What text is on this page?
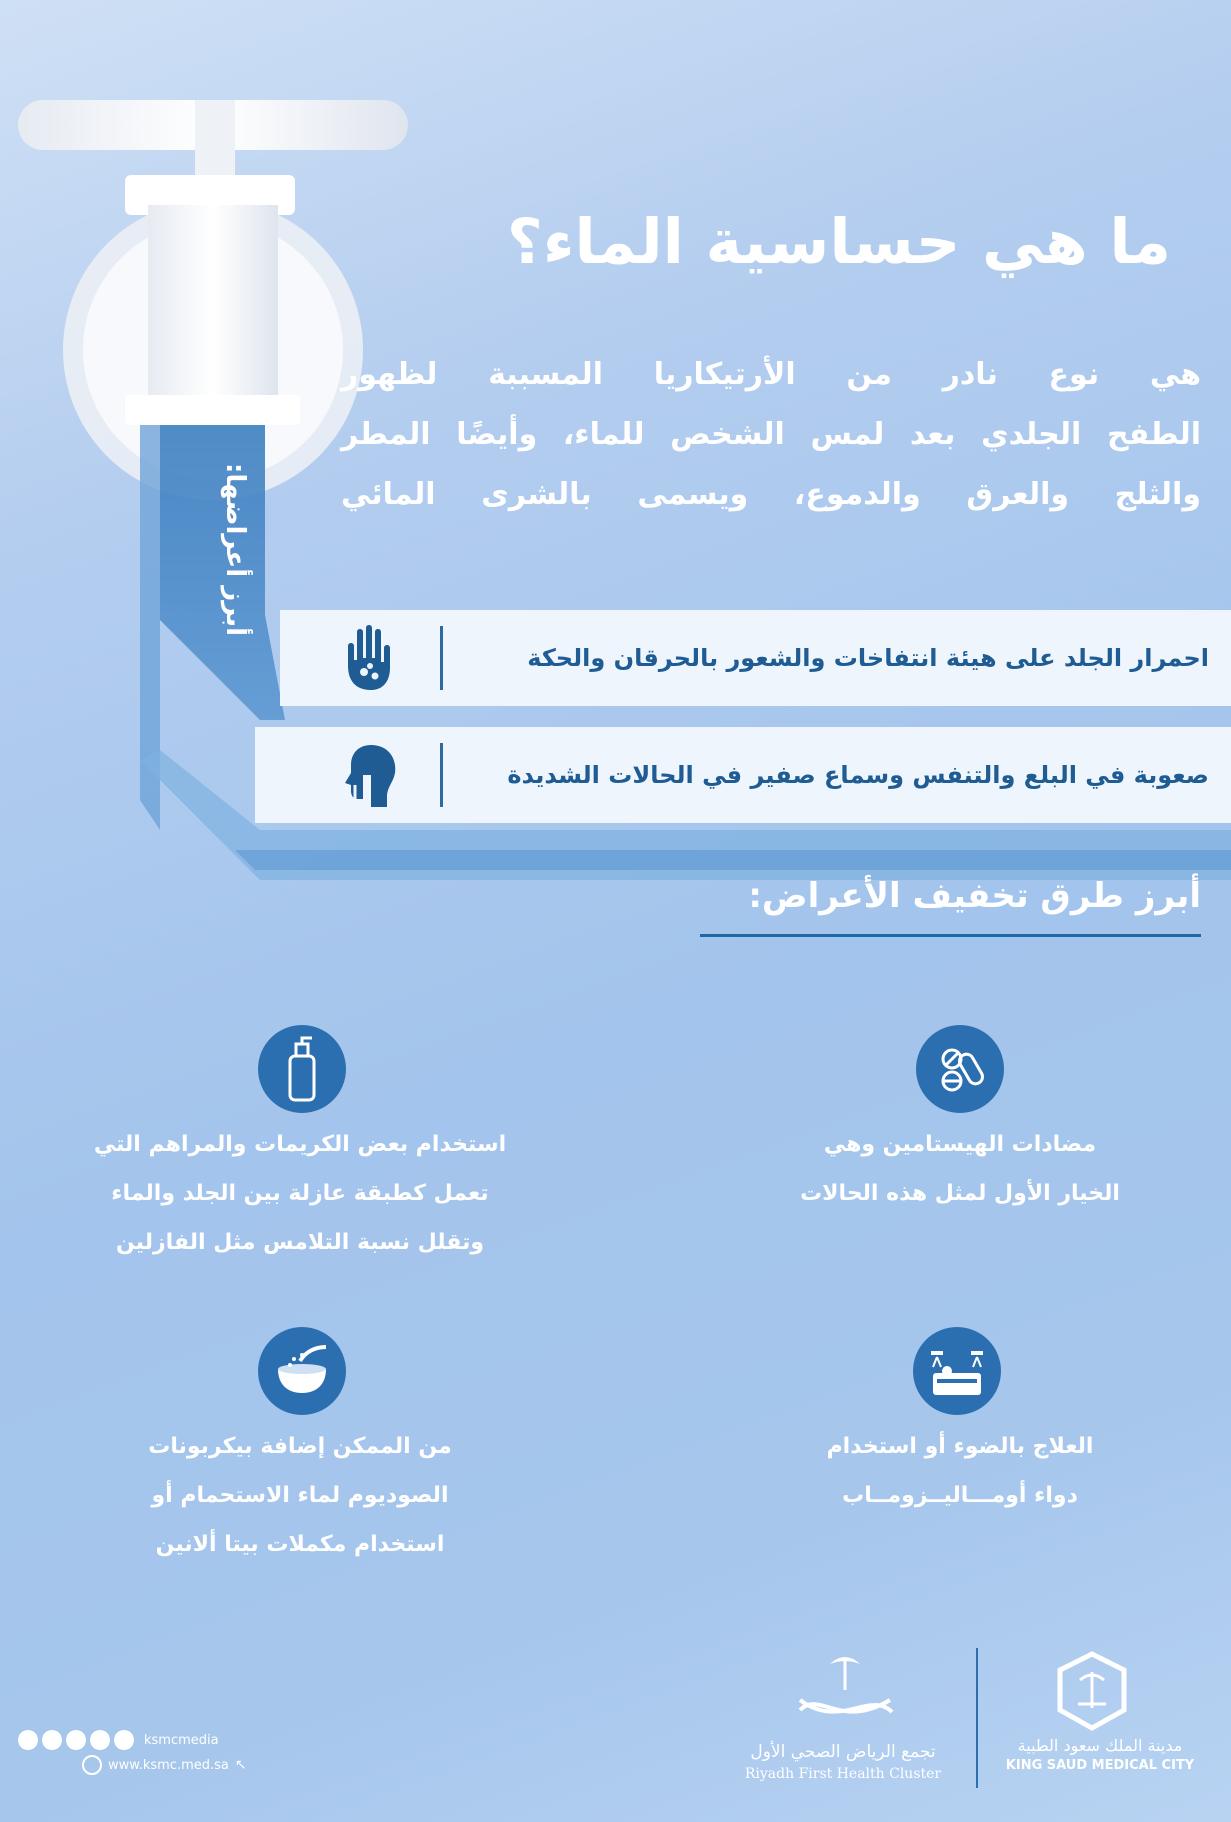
أبرز أعراضها:
ما هي حساسية الماء؟
هي نوع نادر من الأرتيكاريا المسببة لظهور
الطفح الجلدي بعد لمس الشخص للماء، وأيضًا المطر
والثلج والعرق والدموع، ويسمى بالشرى المائي
احمرار الجلد على هيئة انتفاخات والشعور بالحرقان والحكة
صعوبة في البلع والتنفس وسماع صفير في الحالات الشديدة
أبرز طرق تخفيف الأعراض:
مضادات الهيستامين وهي
الخيار الأول لمثل هذه الحالات
استخدام بعض الكريمات والمراهم التي
تعمل كطبقة عازلة بين الجلد والماء
وتقلل نسبة التلامس مثل الفازلين
العلاج بالضوء أو استخدام
دواء أومـــاليــزومــاب
من الممكن إضافة بيكربونات
الصوديوم لماء الاستحمام أو
استخدام مكملات بيتا ألانين
ksmcmedia
www.ksmc.med.sa ↖
تجمع الرياض الصحي الأول
Riyadh First Health Cluster
مدينة الملك سعود الطبية
KING SAUD MEDICAL CITY
